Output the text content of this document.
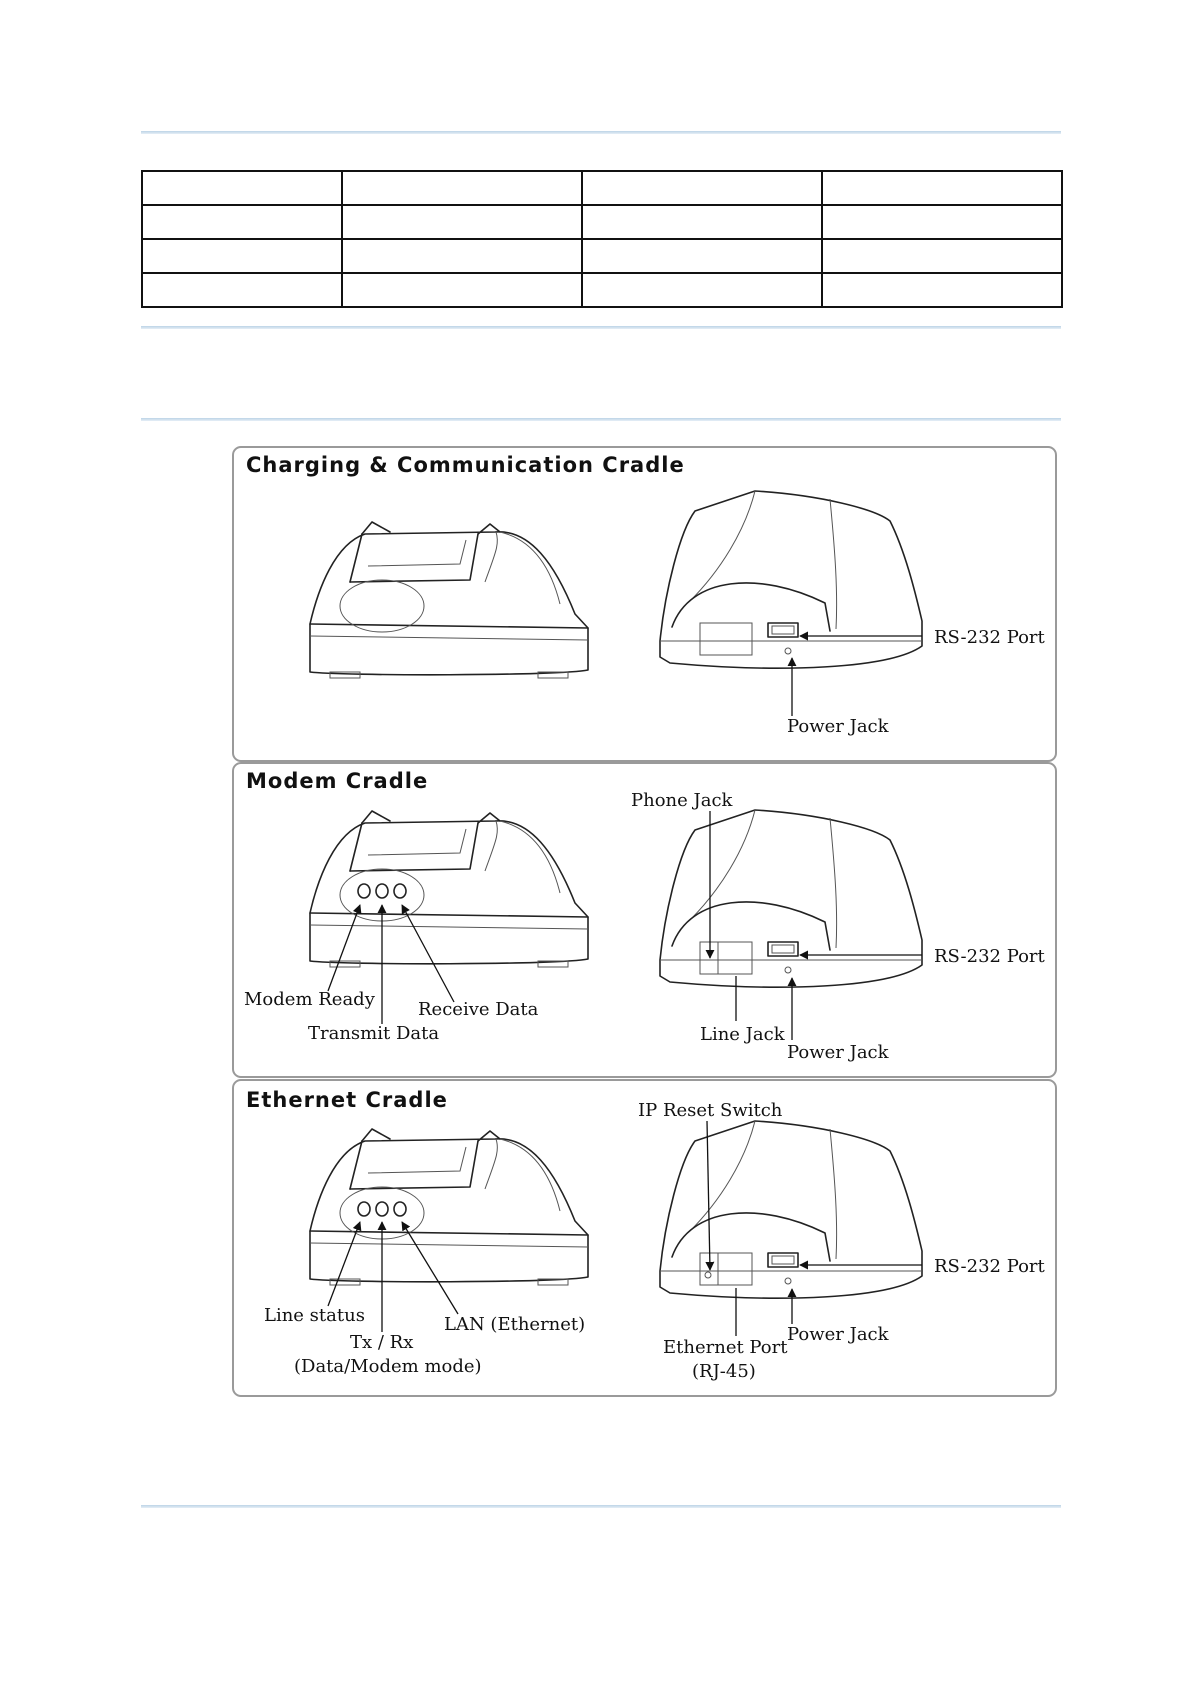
Charging & Communication Cradle
RS-232 Port
Power Jack
Modem Cradle
Modem Ready Receive Data
Transmit Data
Phone Jack
RS-232 Port
Line Jack
Power Jack
Ethernet Cradle
Line status	LAN (Ethernet)
Tx / Rx
(Data/Modem mode)
IP Reset Switch
RS-232 Port
Power Jack
Ethernet Port
(RJ-45)
